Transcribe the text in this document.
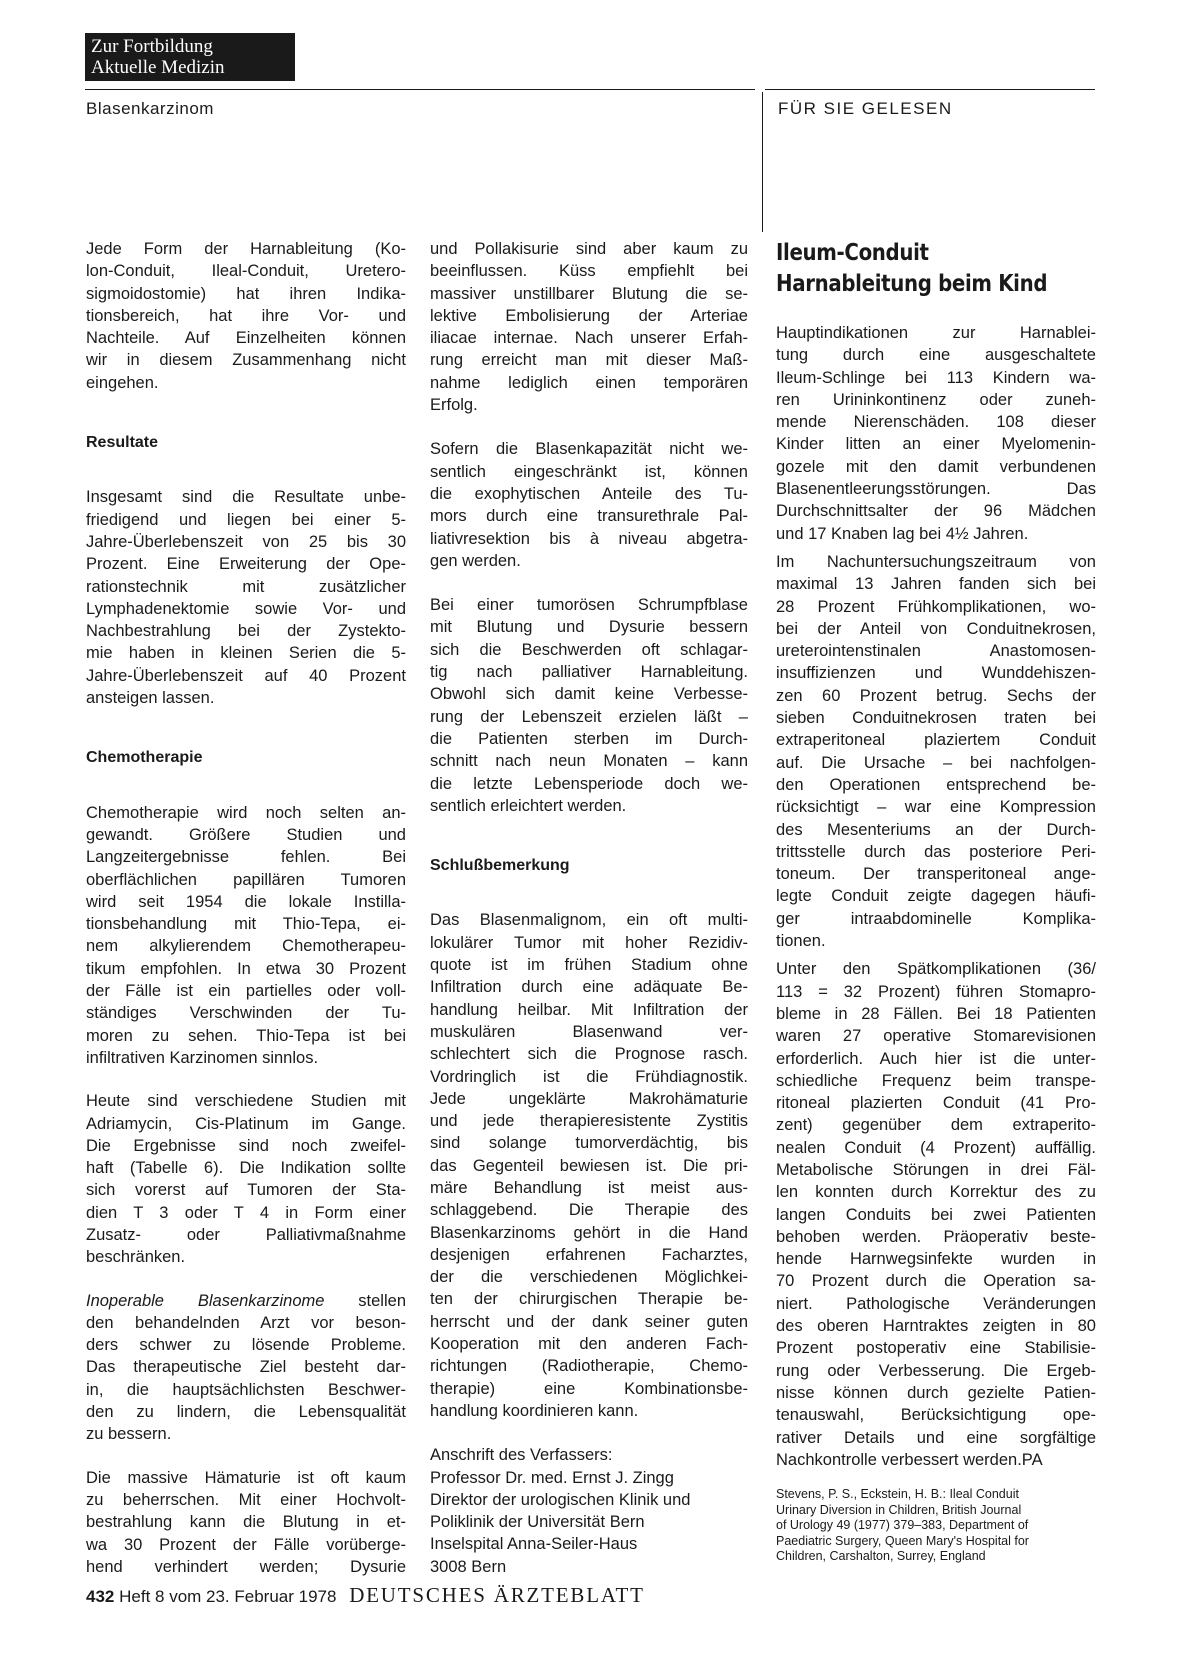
Zur Fortbildung
Aktuelle Medizin
Blasenkarzinom	FÜR SIE GELESEN
Jede Form der Harnableitung (Ko-
lon-Conduit, Ileal-Conduit, Uretero-
sigmoidostomie) hat ihren Indika-
tionsbereich, hat ihre Vor- und
Nachteile. Auf Einzelheiten können
wir in diesem Zusammenhang nicht
eingehen.
Resultate
Insgesamt sind die Resultate unbe-
friedigend und liegen bei einer 5-
Jahre-Überlebenszeit von 25 bis 30
Prozent. Eine Erweiterung der Ope-
rationstechnik mit zusätzlicher
Lymphadenektomie sowie Vor- und
Nachbestrahlung bei der Zystekto-
mie haben in kleinen Serien die 5-
Jahre-Überlebenszeit auf 40 Prozent
ansteigen lassen.
Chemotherapie
Chemotherapie wird noch selten an-
gewandt. Größere Studien und
Langzeitergebnisse fehlen. Bei
oberflächlichen papillären Tumoren
wird seit 1954 die lokale Instilla-
tionsbehandlung mit Thio-Tepa, ei-
nem alkylierendem Chemotherapeu-
tikum empfohlen. In etwa 30 Prozent
der Fälle ist ein partielles oder voll-
ständiges Verschwinden der Tu-
moren zu sehen. Thio-Tepa ist bei
infiltrativen Karzinomen sinnlos.
Heute sind verschiedene Studien mit
Adriamycin, Cis-Platinum im Gange.
Die Ergebnisse sind noch zweifel-
haft (Tabelle 6). Die Indikation sollte
sich vorerst auf Tumoren der Sta-
dien T 3 oder T 4 in Form einer
Zusatz- oder Palliativmaßnahme
beschränken.
Inoperable Blasenkarzinome stellen
den behandelnden Arzt vor beson-
ders schwer zu lösende Probleme.
Das therapeutische Ziel besteht dar-
in, die hauptsächlichsten Beschwer-
den zu lindern, die Lebensqualität
zu bessern.
Die massive Hämaturie ist oft kaum
zu beherrschen. Mit einer Hochvolt-
bestrahlung kann die Blutung in et-
wa 30 Prozent der Fälle vorüberge-
hend verhindert werden; Dysurie
und Pollakisurie sind aber kaum zu
beeinflussen. Küss empfiehlt bei
massiver unstillbarer Blutung die se-
lektive Embolisierung der Arteriae
iliacae internae. Nach unserer Erfah-
rung erreicht man mit dieser Maß-
nahme lediglich einen temporären
Erfolg.
Sofern die Blasenkapazität nicht we-
sentlich eingeschränkt ist, können
die exophytischen Anteile des Tu-
mors durch eine transurethrale Pal-
liativresektion bis à niveau abgetra-
gen werden.
Bei einer tumorösen Schrumpfblase
mit Blutung und Dysurie bessern
sich die Beschwerden oft schlagar-
tig nach palliativer Harnableitung.
Obwohl sich damit keine Verbesse-
rung der Lebenszeit erzielen läßt –
die Patienten sterben im Durch-
schnitt nach neun Monaten – kann
die letzte Lebensperiode doch we-
sentlich erleichtert werden.
Schlußbemerkung
Das Blasenmalignom, ein oft multi-
lokulärer Tumor mit hoher Rezidiv-
quote ist im frühen Stadium ohne
Infiltration durch eine adäquate Be-
handlung heilbar. Mit Infiltration der
muskulären Blasenwand ver-
schlechtert sich die Prognose rasch.
Vordringlich ist die Frühdiagnostik.
Jede ungeklärte Makrohämaturie
und jede therapieresistente Zystitis
sind solange tumorverdächtig, bis
das Gegenteil bewiesen ist. Die pri-
märe Behandlung ist meist aus-
schlaggebend. Die Therapie des
Blasenkarzinoms gehört in die Hand
desjenigen erfahrenen Facharztes,
der die verschiedenen Möglichkei-
ten der chirurgischen Therapie be-
herrscht und der dank seiner guten
Kooperation mit den anderen Fach-
richtungen (Radiotherapie, Chemo-
therapie) eine Kombinationsbe-
handlung koordinieren kann.
Anschrift des Verfassers:
Professor Dr. med. Ernst J. Zingg
Direktor der urologischen Klinik und
Poliklinik der Universität Bern
Inselspital Anna-Seiler-Haus
3008 Bern
Ileum-Conduit
Harnableitung beim Kind
Hauptindikationen zur Harnablei-
tung durch eine ausgeschaltete
Ileum-Schlinge bei 113 Kindern wa-
ren Urininkontinenz oder zuneh-
mende Nierenschäden. 108 dieser
Kinder litten an einer Myelomenin-
gozele mit den damit verbundenen
Blasenentleerungsstörungen. Das
Durchschnittsalter der 96 Mädchen
und 17 Knaben lag bei 4½ Jahren.
Im Nachuntersuchungszeitraum von
maximal 13 Jahren fanden sich bei
28 Prozent Frühkomplikationen, wo-
bei der Anteil von Conduitnekrosen,
ureterointenstinalen Anastomosen-
insuffizienzen und Wunddehiszen-
zen 60 Prozent betrug. Sechs der
sieben Conduitnekrosen traten bei
extraperitoneal plaziertem Conduit
auf. Die Ursache – bei nachfolgen-
den Operationen entsprechend be-
rücksichtigt – war eine Kompression
des Mesenteriums an der Durch-
trittsstelle durch das posteriore Peri-
toneum. Der transperitoneal ange-
legte Conduit zeigte dagegen häufi-
ger intraabdominelle Komplika-
tionen.
Unter den Spätkomplikationen (36/
113 = 32 Prozent) führen Stomapro-
bleme in 28 Fällen. Bei 18 Patienten
waren 27 operative Stomarevisionen
erforderlich. Auch hier ist die unter-
schiedliche Frequenz beim transpe-
ritoneal plazierten Conduit (41 Pro-
zent) gegenüber dem extraperito-
nealen Conduit (4 Prozent) auffällig.
Metabolische Störungen in drei Fäl-
len konnten durch Korrektur des zu
langen Conduits bei zwei Patienten
behoben werden. Präoperativ beste-
hende Harnwegsinfekte wurden in
70 Prozent durch die Operation sa-
niert. Pathologische Veränderungen
des oberen Harntraktes zeigten in 80
Prozent postoperativ eine Stabilisie-
rung oder Verbesserung. Die Ergeb-
nisse können durch gezielte Patien-
tenauswahl, Berücksichtigung ope-
rativer Details und eine sorgfältige
Nachkontrolle verbessert werden.PA
Stevens, P. S., Eckstein, H. B.: Ileal Conduit
Urinary Diversion in Children, British Journal
of Urology 49 (1977) 379–383, Department of
Paediatric Surgery, Queen Mary's Hospital for
Children, Carshalton, Surrey, England
432 Heft 8 vom 23. Februar 1978 DEUTSCHES ÄRZTEBLATT
